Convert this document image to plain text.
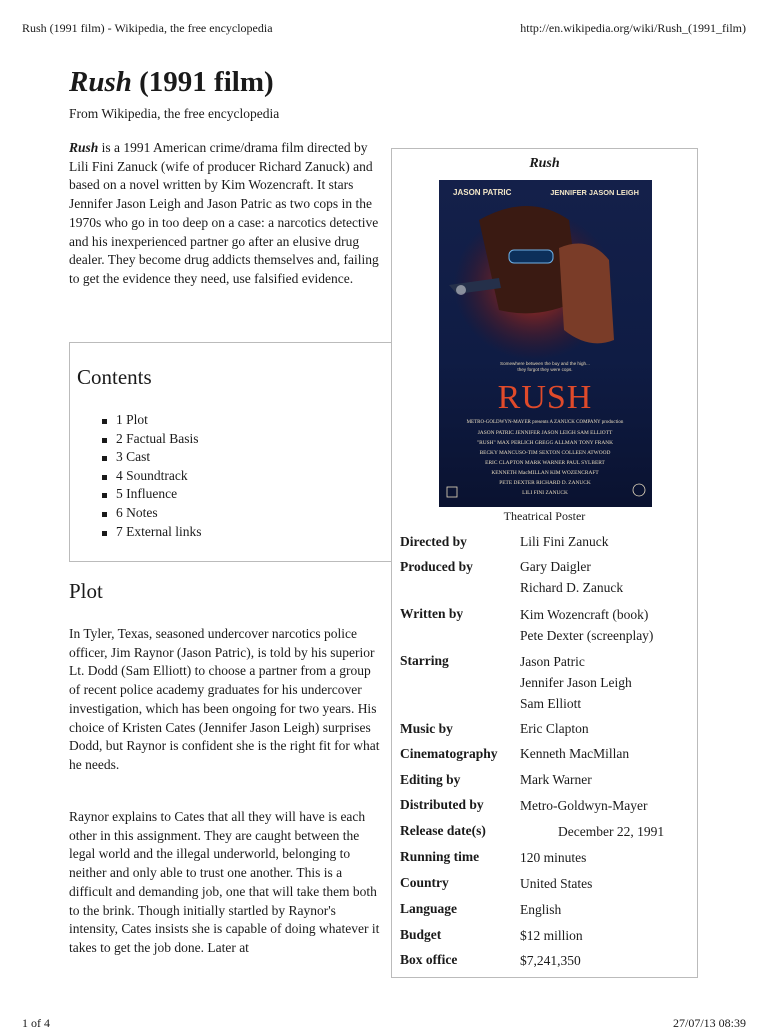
Rush (1991 film) - Wikipedia, the free encyclopedia	http://en.wikipedia.org/wiki/Rush_(1991_film)
Rush (1991 film)
From Wikipedia, the free encyclopedia

Rush is a 1991 American crime/drama film directed by Lili Fini Zanuck (wife of producer Richard Zanuck) and based on a novel written by Kim Wozencraft. It stars Jennifer Jason Leigh and Jason Patric as two cops in the 1970s who go in too deep on a case: a narcotics detective and his inexperienced partner go after an elusive drug dealer. They become drug addicts themselves and, failing to get the evidence they need, use falsified evidence.

Contents
1 Plot
2 Factual Basis
3 Cast
4 Soundtrack
5 Influence
6 Notes
7 External links
Plot

In Tyler, Texas, seasoned undercover narcotics police officer, Jim Raynor (Jason Patric), is told by his superior Lt. Dodd (Sam Elliott) to choose a partner from a group of recent police academy graduates for his undercover investigation, which has been ongoing for two years. His choice of Kristen Cates (Jennifer Jason Leigh) surprises Dodd, but Raynor is confident she is the right fit for what he needs.

Raynor explains to Cates that all they will have is each other in this assignment. They are caught between the legal world and the illegal underworld, belonging to neither and only able to trust one another. This is a difficult and demanding job, one that will take them both to the brink. Though initially startled by Raynor's intensity, Cates insists she is capable of doing whatever it takes to get the job done. Later at

Rush
JASON PATRIC	JENNIFER JASON LEIGH
Somewhere between the buy and the high...
they forgot they were cops.
RUSH
METRO-GOLDWYN-MAYER presents A ZANUCK COMPANY production
JASON PATRIC JENNIFER JASON LEIGH SAM ELLIOTT
"RUSH" MAX PERLICH GREGG ALLMAN TONY FRANK
BECKY MANCUSO-TIM SEXTON COLLEEN ATWOOD
ERIC CLAPTON MARK WARNER PAUL SYLBERT
KENNETH MacMILLAN KIM WOZENCRAFT
PETE DEXTER RICHARD D. ZANUCK
LILI FINI ZANUCK
Theatrical Poster
Directed by	Lili Fini Zanuck
Produced by	Gary Daigler
Richard D. Zanuck
Written by	Kim Wozencraft (book)
Pete Dexter (screenplay)
Starring	Jason Patric
Jennifer Jason Leigh
Sam Elliott
Music by	Eric Clapton
Cinematography Kenneth MacMillan
Editing by	Mark Warner
Distributed by	Metro-Goldwyn-Mayer
Release date(s)	December 22, 1991
Running time	120 minutes
Country	United States
Language	English
Budget	$12 million
Box office	$7,241,350
1 of 4	27/07/13 08:39
